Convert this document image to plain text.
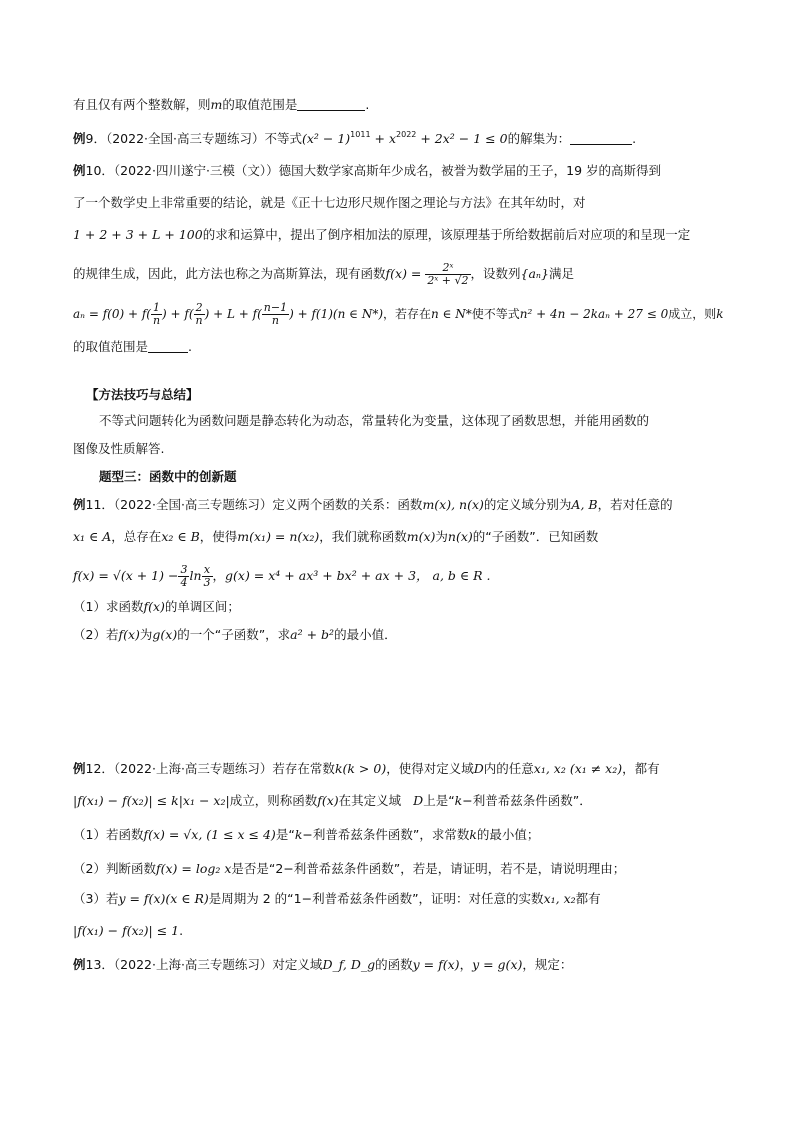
有且仅有两个整数解，则m的取值范围是	.
例9．（2022·全国·高三专题练习）不等式$(x^2 - 1)^{1011} + x^{2022} + 2x^2 - 1 \le 0$的解集为：	.
例10．（2022·四川遂宁·三模（文））德国大数学家高斯年少成名，被誉为数学届的王子，19 岁的高斯得到
了一个数学史上非常重要的结论，就是《正十七边形尺规作图之理论与方法》在其年幼时，对
1 + 2 + 3 + L + 100的求和运算中，提出了倒序相加法的原理，该原理基于所给数据前后对应项的和呈现一定
的规律生成，因此，此方法也称之为高斯算法，现有函数$f(x) = \frac{\text{2ˣ}}{\text{2ˣ + √2}}$ ，设数列{aₙ}满足
$a_n = f(0) + f( \frac{1}{n}$ ) + $f( \frac{2}{n}$ ) + $L + f( \frac{n-1}{n}$ ) + f(1)(n ∈ N*)，若存在n ∈ N*使不等式n² + 4n − 2kaₙ + 27 ≤ 0成立，则k
的取值范围是	.
【方法技巧与总结】
不等式问题转化为函数问题是静态转化为动态，常量转化为变量，这体现了函数思想，并能用函数的
图像及性质解答.
题型三：函数中的创新题
例11．（2022·全国·高三专题练习）定义两个函数的关系：函数m(x), n(x)的定义域分别为A, B，若对任意的
x₁ ∈ A，总存在x₂ ∈ B，使得m(x₁) = n(x₂)，我们就称函数m(x)为n(x)的“子函数”．已知函数
$f(x) = √(x + 1) - \frac{3}{4}$ $\ln \frac{x}{3}$ ，g(x) = x⁴ + ax³ + bx² + ax + 3， a, b ∈ R .
（1）求函数f(x)的单调区间；
（2）若f(x)为g(x)的一个“子函数”，求a² + b²的最小值．
例12．（2022·上海·高三专题练习）若存在常数k(k > 0)，使得对定义域D内的任意x₁, x₂ (x₁ ≠ x₂)，都有
|f(x₁) − f(x₂)| ≤ k|x₁ − x₂|成立，则称函数f(x)在其定义域 D上是“k−利普希兹条件函数”．
（1）若函数f(x) = √x, (1 ≤ x ≤ 4)是“k−利普希兹条件函数”，求常数k的最小值；
（2）判断函数f(x) = log₂ x是否是“2−利普希兹条件函数”，若是，请证明，若不是，请说明理由；
（3）若y = f(x)(x ∈ R)是周期为 2 的“1−利普希兹条件函数”，证明：对任意的实数x₁, x₂都有
|f(x₁) − f(x₂)| ≤ 1.
例13．（2022·上海·高三专题练习）对定义域D_f, D_g的函数y = f(x)，y = g(x)，规定：
